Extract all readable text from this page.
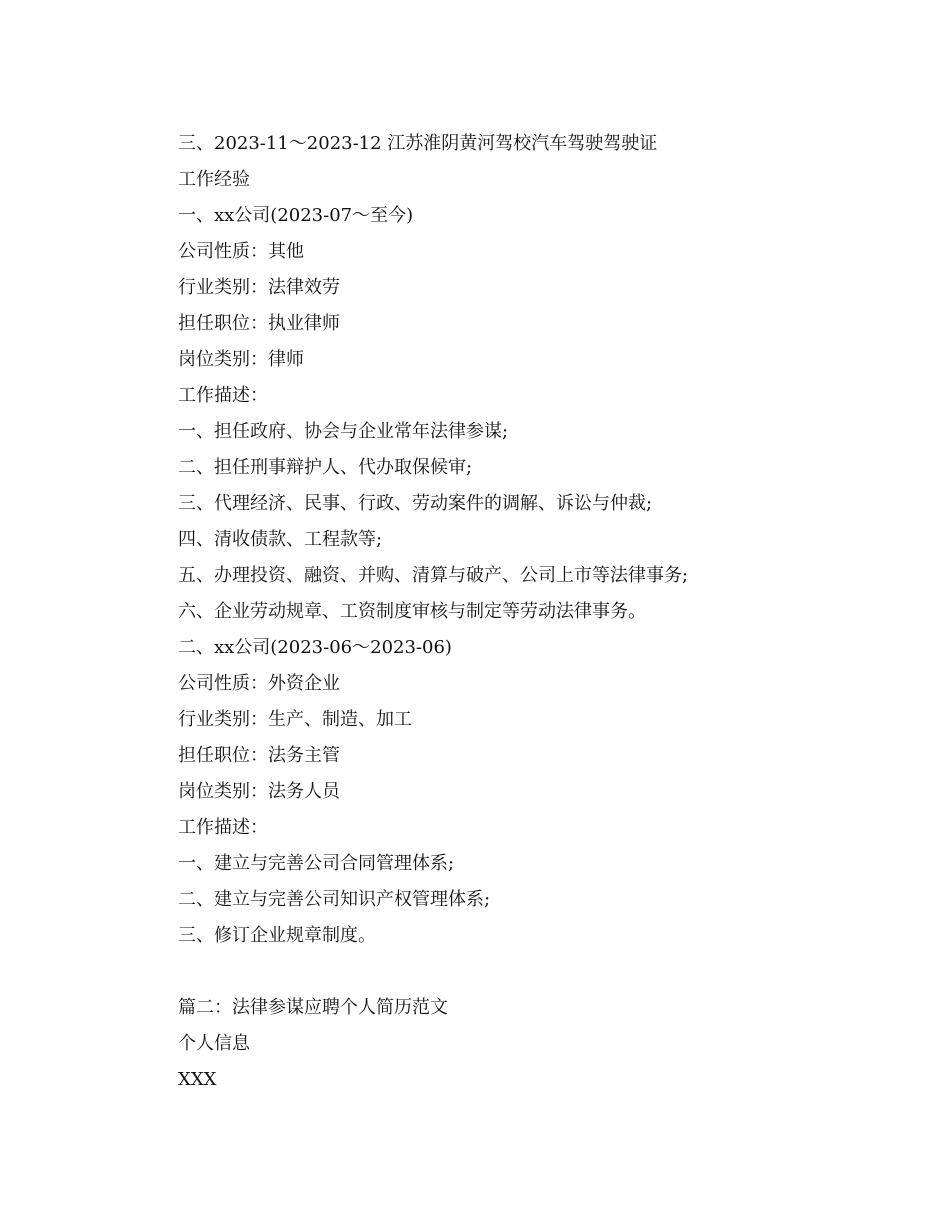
三、2023-11～2023-12 江苏淮阴黄河驾校汽车驾驶驾驶证
工作经验
一、xx公司(2023-07～至今)
公司性质：其他
行业类别：法律效劳
担任职位：执业律师
岗位类别：律师
工作描述：
一、担任政府、协会与企业常年法律参谋;
二、担任刑事辩护人、代办取保候审;
三、代理经济、民事、行政、劳动案件的调解、诉讼与仲裁;
四、清收债款、工程款等;
五、办理投资、融资、并购、清算与破产、公司上市等法律事务;
六、企业劳动规章、工资制度审核与制定等劳动法律事务。
二、xx公司(2023-06～2023-06)
公司性质：外资企业
行业类别：生产、制造、加工
担任职位：法务主管
岗位类别：法务人员
工作描述：
一、建立与完善公司合同管理体系;
二、建立与完善公司知识产权管理体系;
三、修订企业规章制度。
篇二：法律参谋应聘个人简历范文
个人信息
XXX
